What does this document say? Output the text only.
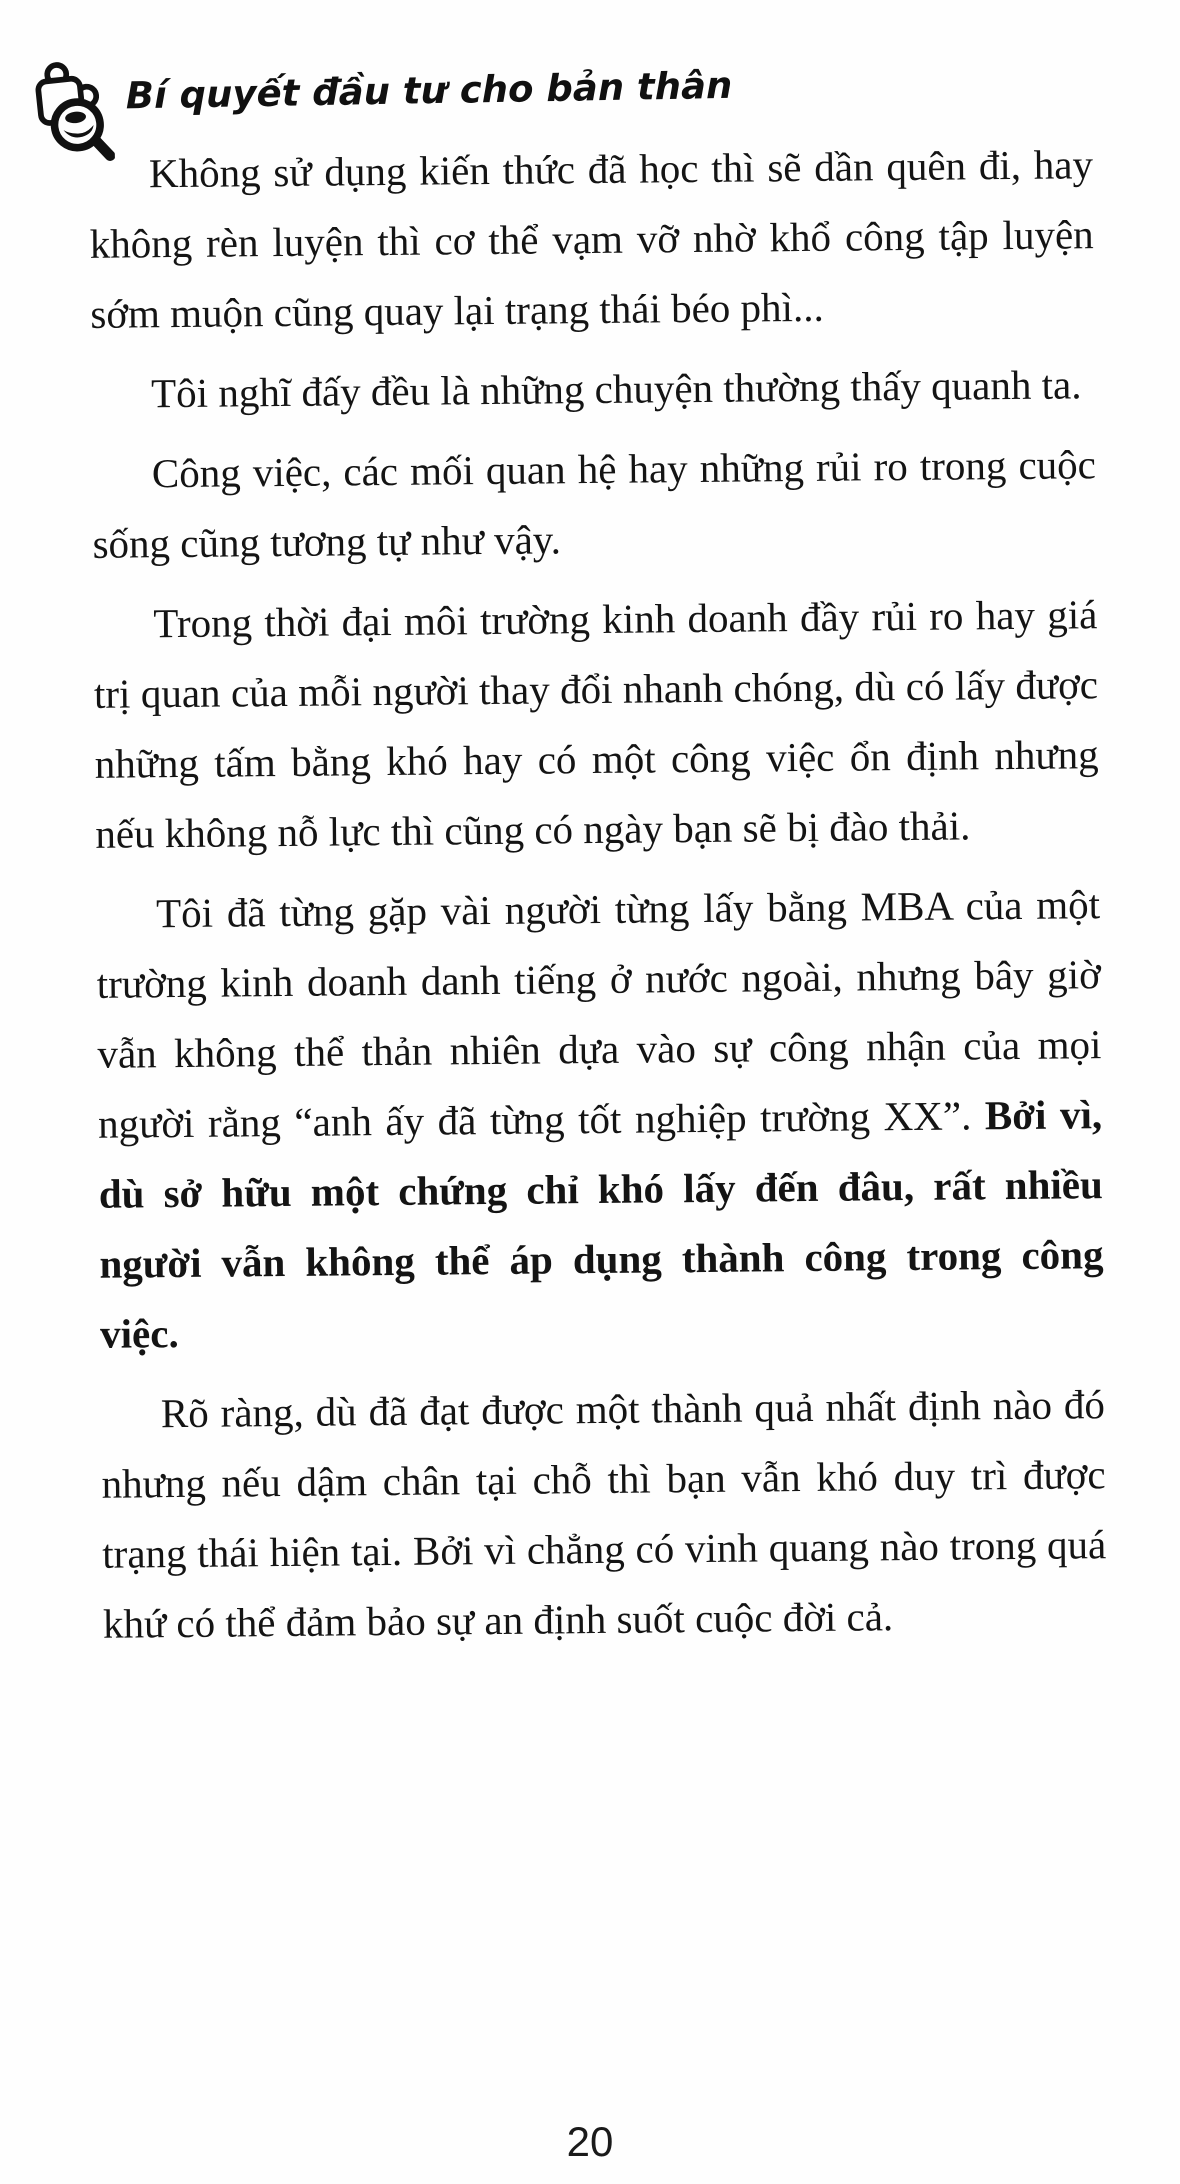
Bí quyết đầu tư cho bản thân

Không sử dụng kiến thức đã học thì sẽ dần quên đi, hay không rèn luyện thì cơ thể vạm vỡ nhờ khổ công tập luyện sớm muộn cũng quay lại trạng thái béo phì...

Tôi nghĩ đấy đều là những chuyện thường thấy quanh ta.

Công việc, các mối quan hệ hay những rủi ro trong cuộc sống cũng tương tự như vậy.

Trong thời đại môi trường kinh doanh đầy rủi ro hay giá trị quan của mỗi người thay đổi nhanh chóng, dù có lấy được những tấm bằng khó hay có một công việc ổn định nhưng nếu không nỗ lực thì cũng có ngày bạn sẽ bị đào thải.

Tôi đã từng gặp vài người từng lấy bằng MBA của một trường kinh doanh danh tiếng ở nước ngoài, nhưng bây giờ vẫn không thể thản nhiên dựa vào sự công nhận của mọi người rằng “anh ấy đã từng tốt nghiệp trường XX”. Bởi vì, dù sở hữu một chứng chỉ khó lấy đến đâu, rất nhiều người vẫn không thể áp dụng thành công trong công việc.

Rõ ràng, dù đã đạt được một thành quả nhất định nào đó nhưng nếu dậm chân tại chỗ thì bạn vẫn khó duy trì được trạng thái hiện tại. Bởi vì chẳng có vinh quang nào trong quá khứ có thể đảm bảo sự an định suốt cuộc đời cả.

20
